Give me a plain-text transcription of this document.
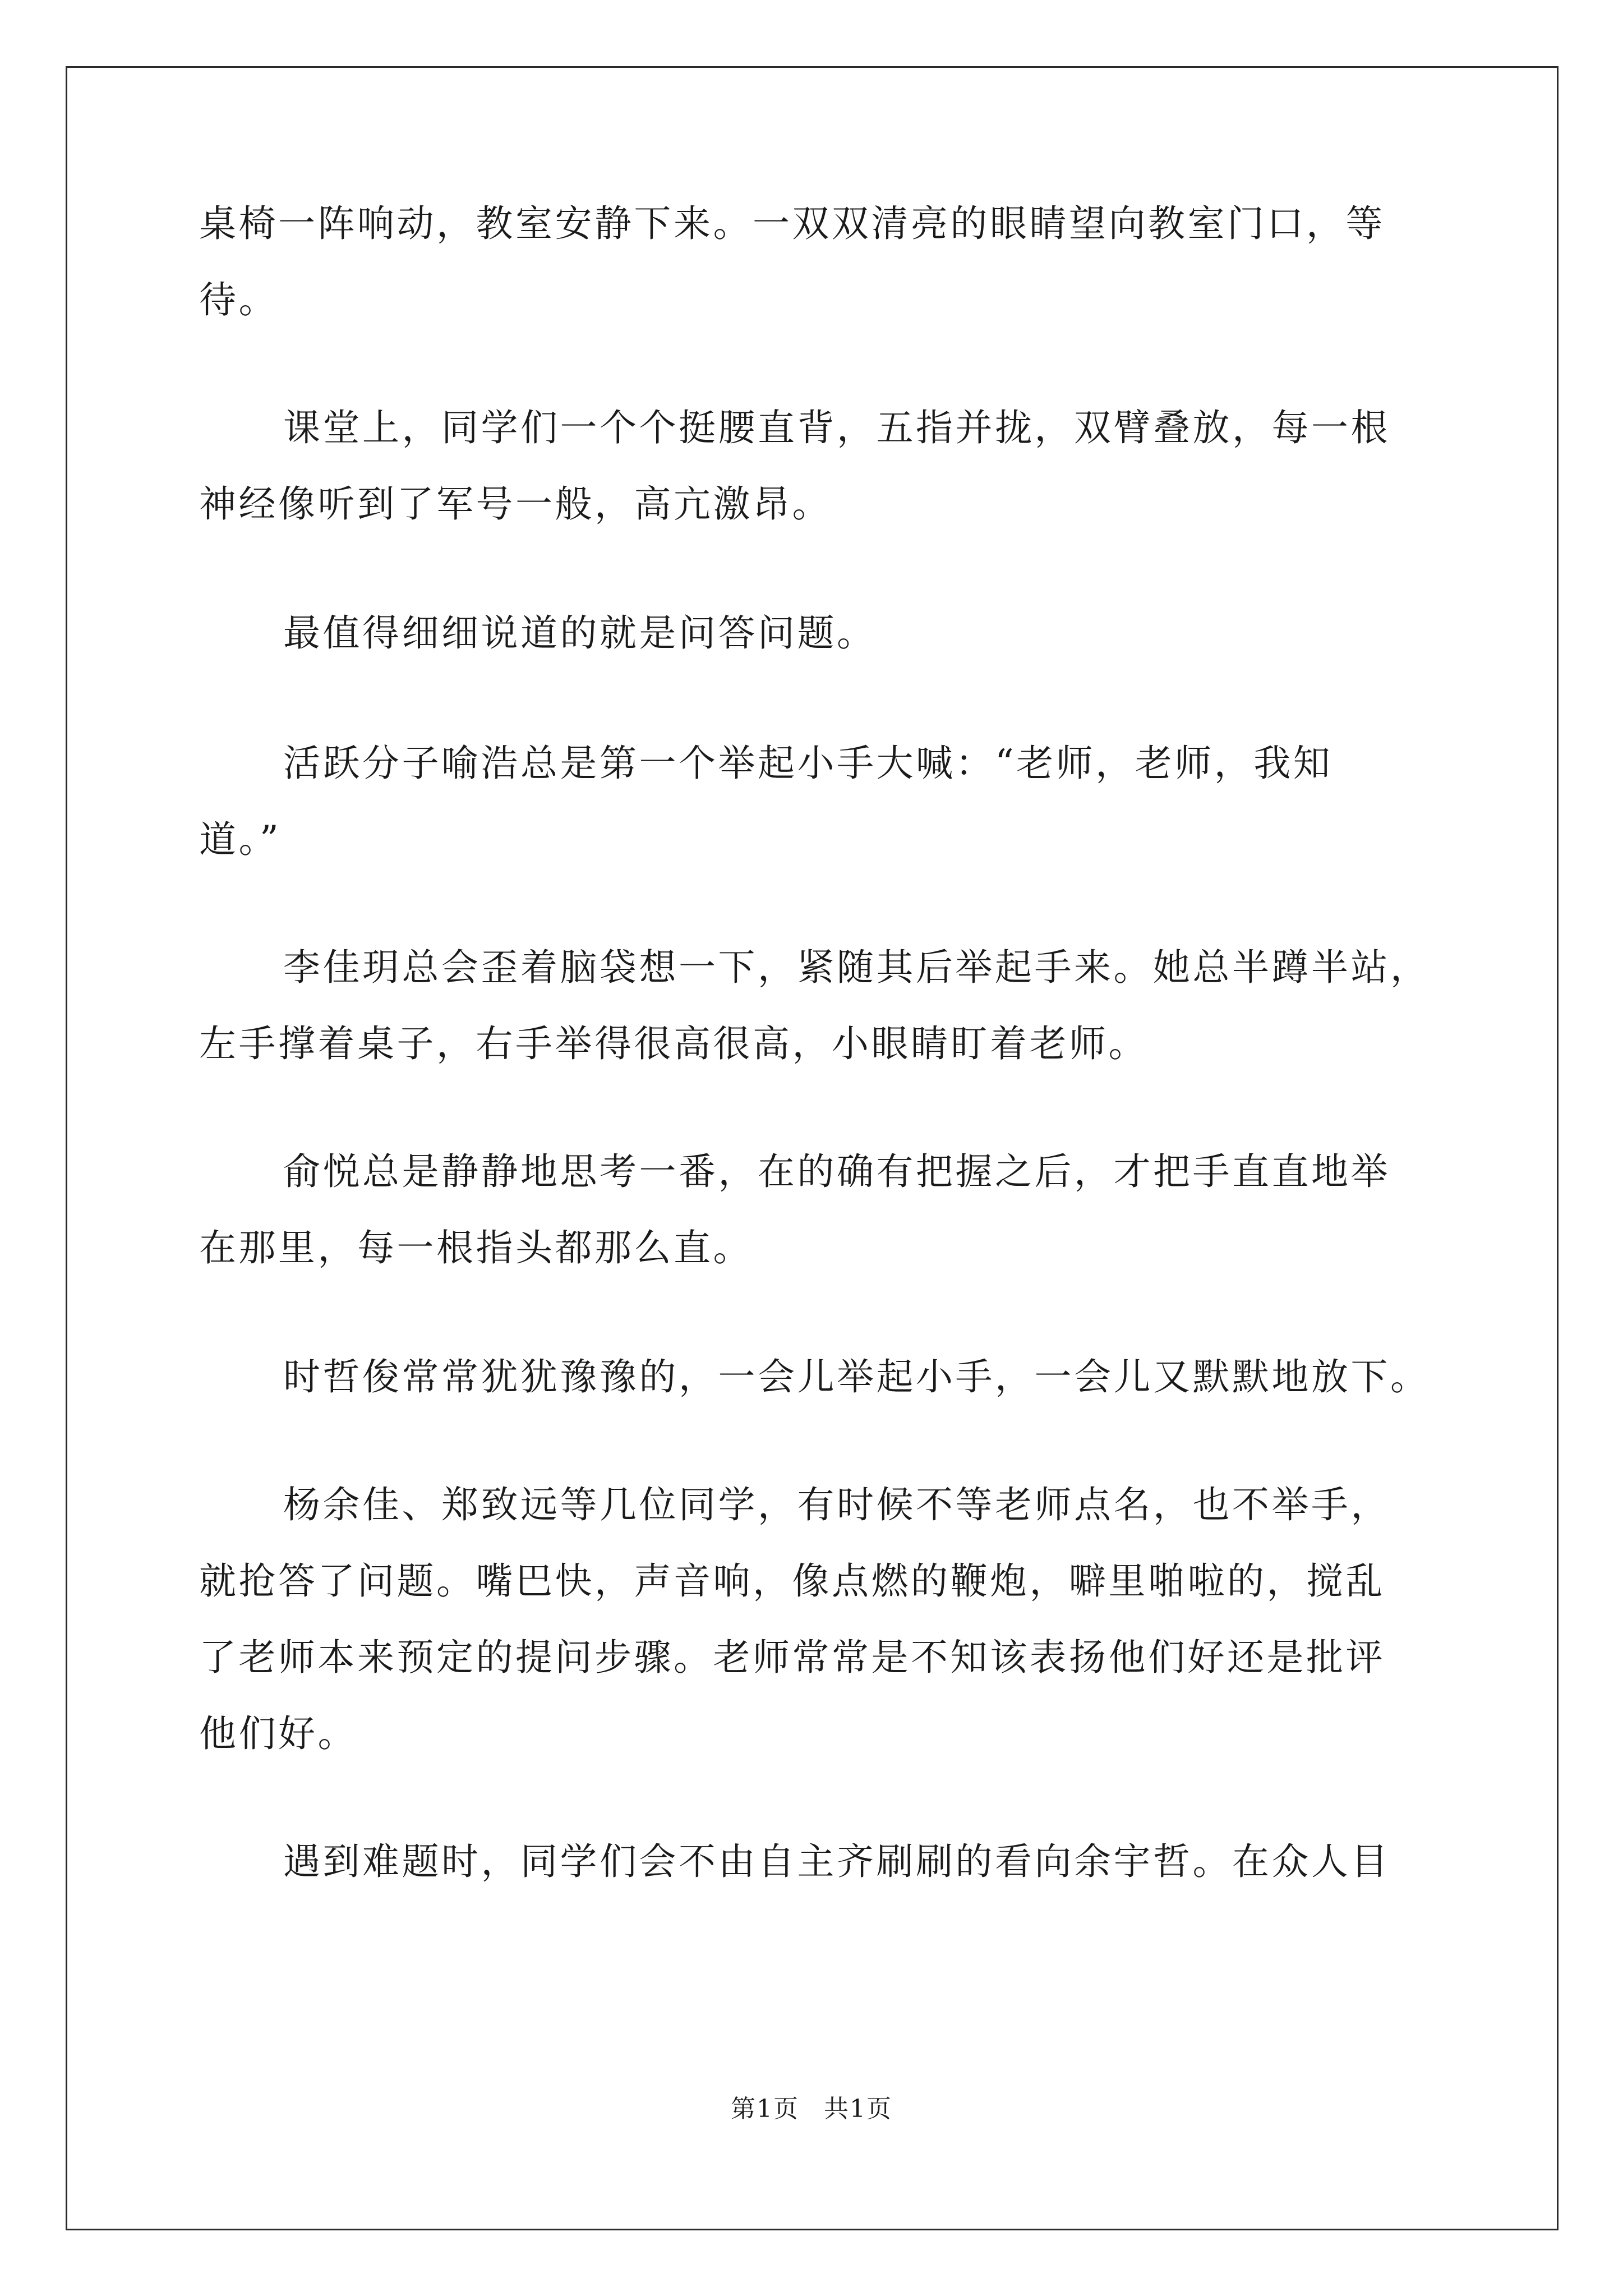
桌椅一阵响动，教室安静下来。一双双清亮的眼睛望向教室门口，等
待。
课堂上，同学们一个个挺腰直背，五指并拢，双臂叠放，每一根
神经像听到了军号一般，高亢激昂。
最值得细细说道的就是问答问题。
活跃分子喻浩总是第一个举起小手大喊：“老师，老师，我知
道。”
李佳玥总会歪着脑袋想一下，紧随其后举起手来。她总半蹲半站，
左手撑着桌子，右手举得很高很高，小眼睛盯着老师。
俞悦总是静静地思考一番，在的确有把握之后，才把手直直地举
在那里，每一根指头都那么直。
时哲俊常常犹犹豫豫的，一会儿举起小手，一会儿又默默地放下。
杨余佳、郑致远等几位同学，有时候不等老师点名，也不举手，
就抢答了问题。嘴巴快，声音响，像点燃的鞭炮，噼里啪啦的，搅乱
了老师本来预定的提问步骤。老师常常是不知该表扬他们好还是批评
他们好。
遇到难题时，同学们会不由自主齐刷刷的看向余宇哲。在众人目
第1页 共1页
